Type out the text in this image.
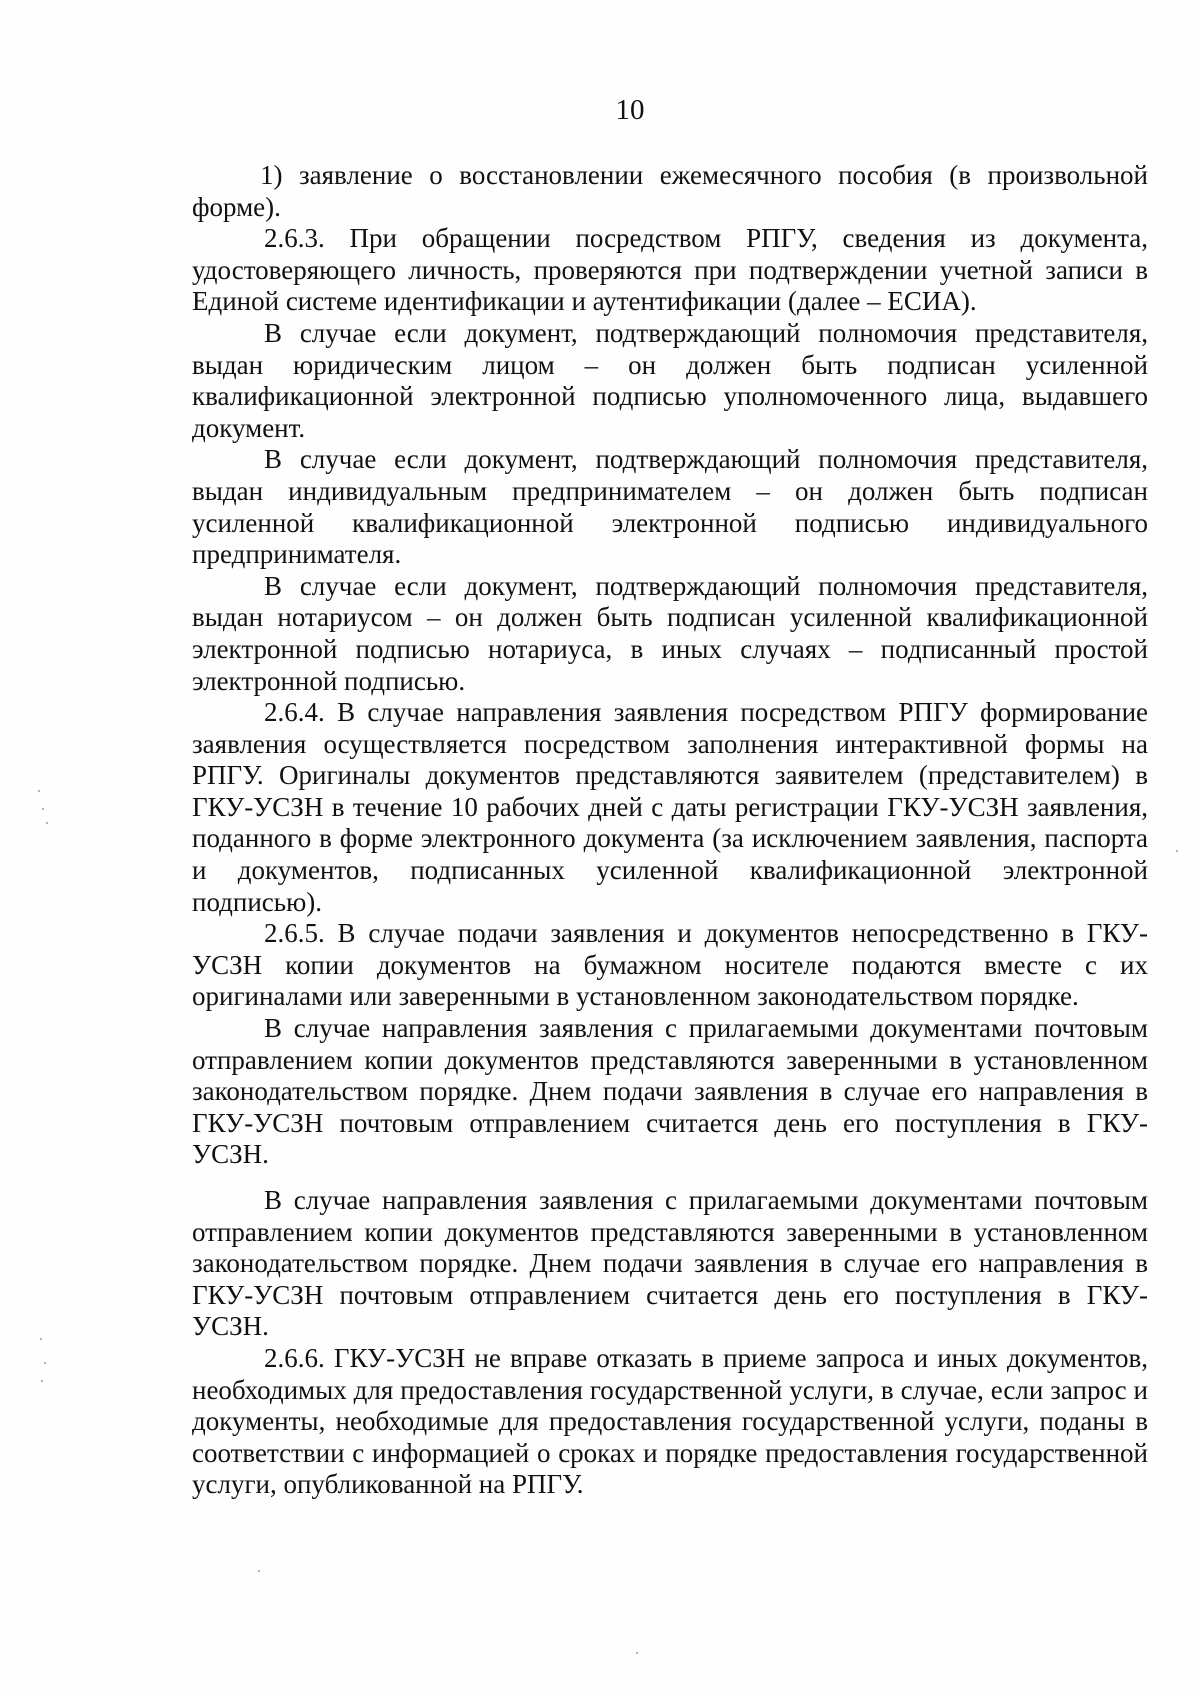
10

1) заявление о восстановлении ежемесячного пособия (в произвольной форме).

2.6.3. При обращении посредством РПГУ, сведения из документа, удостоверяющего личность, проверяются при подтверждении учетной записи в Единой системе идентификации и аутентификации (далее – ЕСИА).

В случае если документ, подтверждающий полномочия представителя, выдан юридическим лицом – он должен быть подписан усиленной квалификационной электронной подписью уполномоченного лица, выдавшего документ.

В случае если документ, подтверждающий полномочия представителя, выдан индивидуальным предпринимателем – он должен быть подписан усиленной квалификационной электронной подписью индивидуального предпринимателя.

В случае если документ, подтверждающий полномочия представителя, выдан нотариусом – он должен быть подписан усиленной квалификационной электронной подписью нотариуса, в иных случаях – подписанный простой электронной подписью.

2.6.4. В случае направления заявления посредством РПГУ формирование заявления осуществляется посредством заполнения интерактивной формы на РПГУ. Оригиналы документов представляются заявителем (представителем) в ГКУ-УСЗН в течение 10 рабочих дней с даты регистрации ГКУ-УСЗН заявления, поданного в форме электронного документа (за исключением заявления, паспорта и документов, подписанных усиленной квалификационной электронной подписью).

2.6.5. В случае подачи заявления и документов непосредственно в ГКУ-УСЗН копии документов на бумажном носителе подаются вместе с их оригиналами или заверенными в установленном законодательством порядке.

В случае направления заявления с прилагаемыми документами почтовым отправлением копии документов представляются заверенными в установленном законодательством порядке. Днем подачи заявления в случае его направления в ГКУ-УСЗН почтовым отправлением считается день его поступления в ГКУ-УСЗН.

В случае направления заявления с прилагаемыми документами почтовым отправлением копии документов представляются заверенными в установленном законодательством порядке. Днем подачи заявления в случае его направления в ГКУ-УСЗН почтовым отправлением считается день его поступления в ГКУ-УСЗН.

2.6.6. ГКУ-УСЗН не вправе отказать в приеме запроса и иных документов, необходимых для предоставления государственной услуги, в случае, если запрос и документы, необходимые для предоставления государственной услуги, поданы в соответствии с информацией о сроках и порядке предоставления государственной услуги, опубликованной на РПГУ.
